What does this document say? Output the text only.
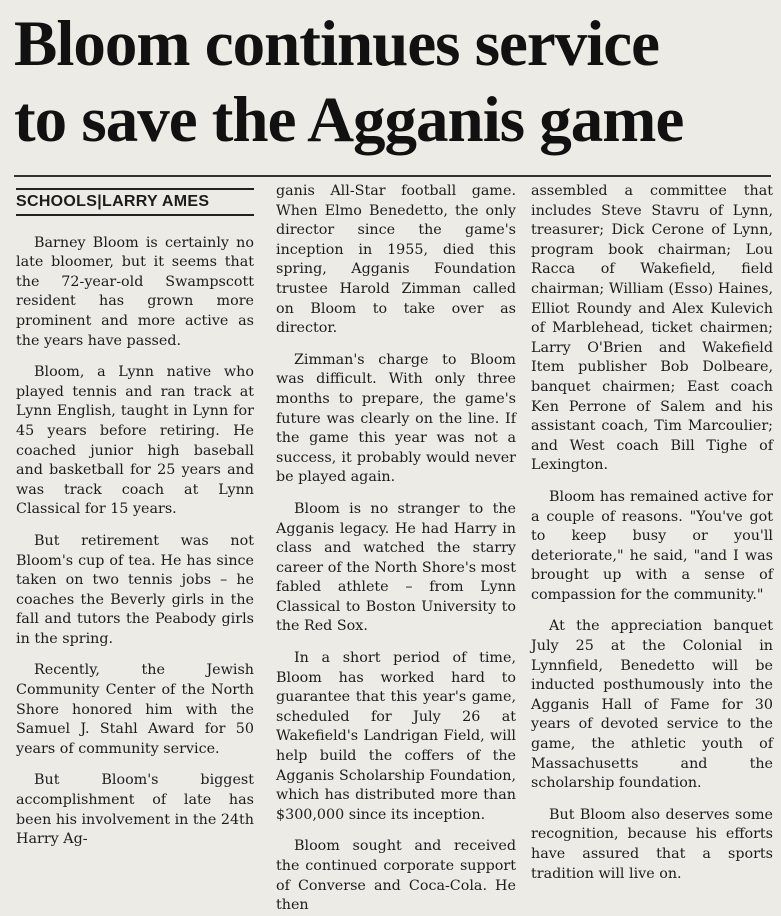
Bloom continues service
to save the Agganis game
SCHOOLS|LARRY AMES

Barney Bloom is certainly no late bloomer, but it seems that the 72-year-old Swampscott resident has grown more prominent and more active as the years have passed.

Bloom, a Lynn native who played tennis and ran track at Lynn English, taught in Lynn for 45 years before retiring. He coached junior high baseball and basketball for 25 years and was track coach at Lynn Classical for 15 years.

But retirement was not Bloom's cup of tea. He has since taken on two tennis jobs – he coaches the Beverly girls in the fall and tutors the Peabody girls in the spring.

Recently, the Jewish Community Center of the North Shore honored him with the Samuel J. Stahl Award for 50 years of community service.

But Bloom's biggest accomplishment of late has been his involvement in the 24th Harry Ag-

ganis All-Star football game. When Elmo Benedetto, the only director since the game's inception in 1955, died this spring, Agganis Foundation trustee Harold Zimman called on Bloom to take over as director.

Zimman's charge to Bloom was difficult. With only three months to prepare, the game's future was clearly on the line. If the game this year was not a success, it probably would never be played again.

Bloom is no stranger to the Agganis legacy. He had Harry in class and watched the starry career of the North Shore's most fabled athlete – from Lynn Classical to Boston University to the Red Sox.

In a short period of time, Bloom has worked hard to guarantee that this year's game, scheduled for July 26 at Wakefield's Landrigan Field, will help build the coffers of the Agganis Scholarship Foundation, which has distributed more than $300,000 since its inception.

Bloom sought and received the continued corporate support of Converse and Coca-Cola. He then

assembled a committee that includes Steve Stavru of Lynn, treasurer; Dick Cerone of Lynn, program book chairman; Lou Racca of Wakefield, field chairman; William (Esso) Haines, Elliot Roundy and Alex Kulevich of Marblehead, ticket chairmen; Larry O'Brien and Wakefield Item publisher Bob Dolbeare, banquet chairmen; East coach Ken Perrone of Salem and his assistant coach, Tim Marcoulier; and West coach Bill Tighe of Lexington.

Bloom has remained active for a couple of reasons. "You've got to keep busy or you'll deteriorate," he said, "and I was brought up with a sense of compassion for the community."

At the appreciation banquet July 25 at the Colonial in Lynnfield, Benedetto will be inducted posthumously into the Agganis Hall of Fame for 30 years of devoted service to the game, the athletic youth of Massachusetts and the scholarship foundation.

But Bloom also deserves some recognition, because his efforts have assured that a sports tradition will live on.
